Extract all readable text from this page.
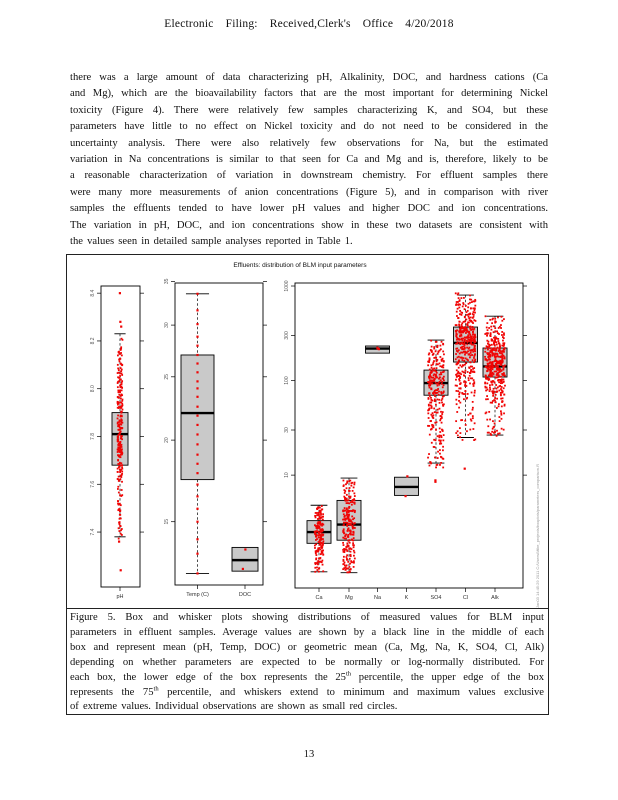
Electronic Filing: Received,Clerk's Office 4/20/2018
there was a large amount of data characterizing pH, Alkalinity, DOC, and hardness cations (Ca
and Mg), which are the bioavailability factors that are the most important for determining Nickel
toxicity (Figure 4). There were relatively few samples characterizing K, and SO4, but these
parameters have little to no effect on Nickel toxicity and do not need to be considered in the
uncertainty analysis. There were also relatively few observations for Na, but the estimated
variation in Na concentrations is similar to that seen for Ca and Mg and is, therefore, likely to be
a reasonable characterization of variation in downstream chemistry. For effluent samples there
were many more measurements of anion concentrations (Figure 5), and in comparison with river
samples the effluents tended to have lower pH values and higher DOC and ion concentrations.
The variation in pH, DOC, and ion concentrations show in these two datasets are consistent with
the values seen in detailed sample analyses reported in Table 1.
Figure 5. Box and whisker plots showing distributions of measured values for BLM input
parameters in effluent samples. Average values are shown by a black line in the middle of each
box and represent mean (pH, Temp, DOC) or geometric mean (Ca, Mg, Na, K, SO4, Cl, Alk)
depending on whether parameters are expected to be normally or log-normally distributed. For
each box, the lower edge of the box represents the 25th percentile, the upper edge of the box
represents the 75th percentile, and whiskers extend to minimum and maximum values exclusive
of extreme values. Individual observations are shown as small red circles.
Effluents: distribution of BLM input parameters
7.4
7.6
7.8
8.0
8.2
8.4
pH
15
20
25
30
35
Temp (C)	DOC
10
30
100
300
1000
Ca	Mg	Na	K	SO4	Cl	Alk	Jan03 14:45:29 2011 C:/Users/Mike_projects/boxplots/parameters_comparison.R
13
